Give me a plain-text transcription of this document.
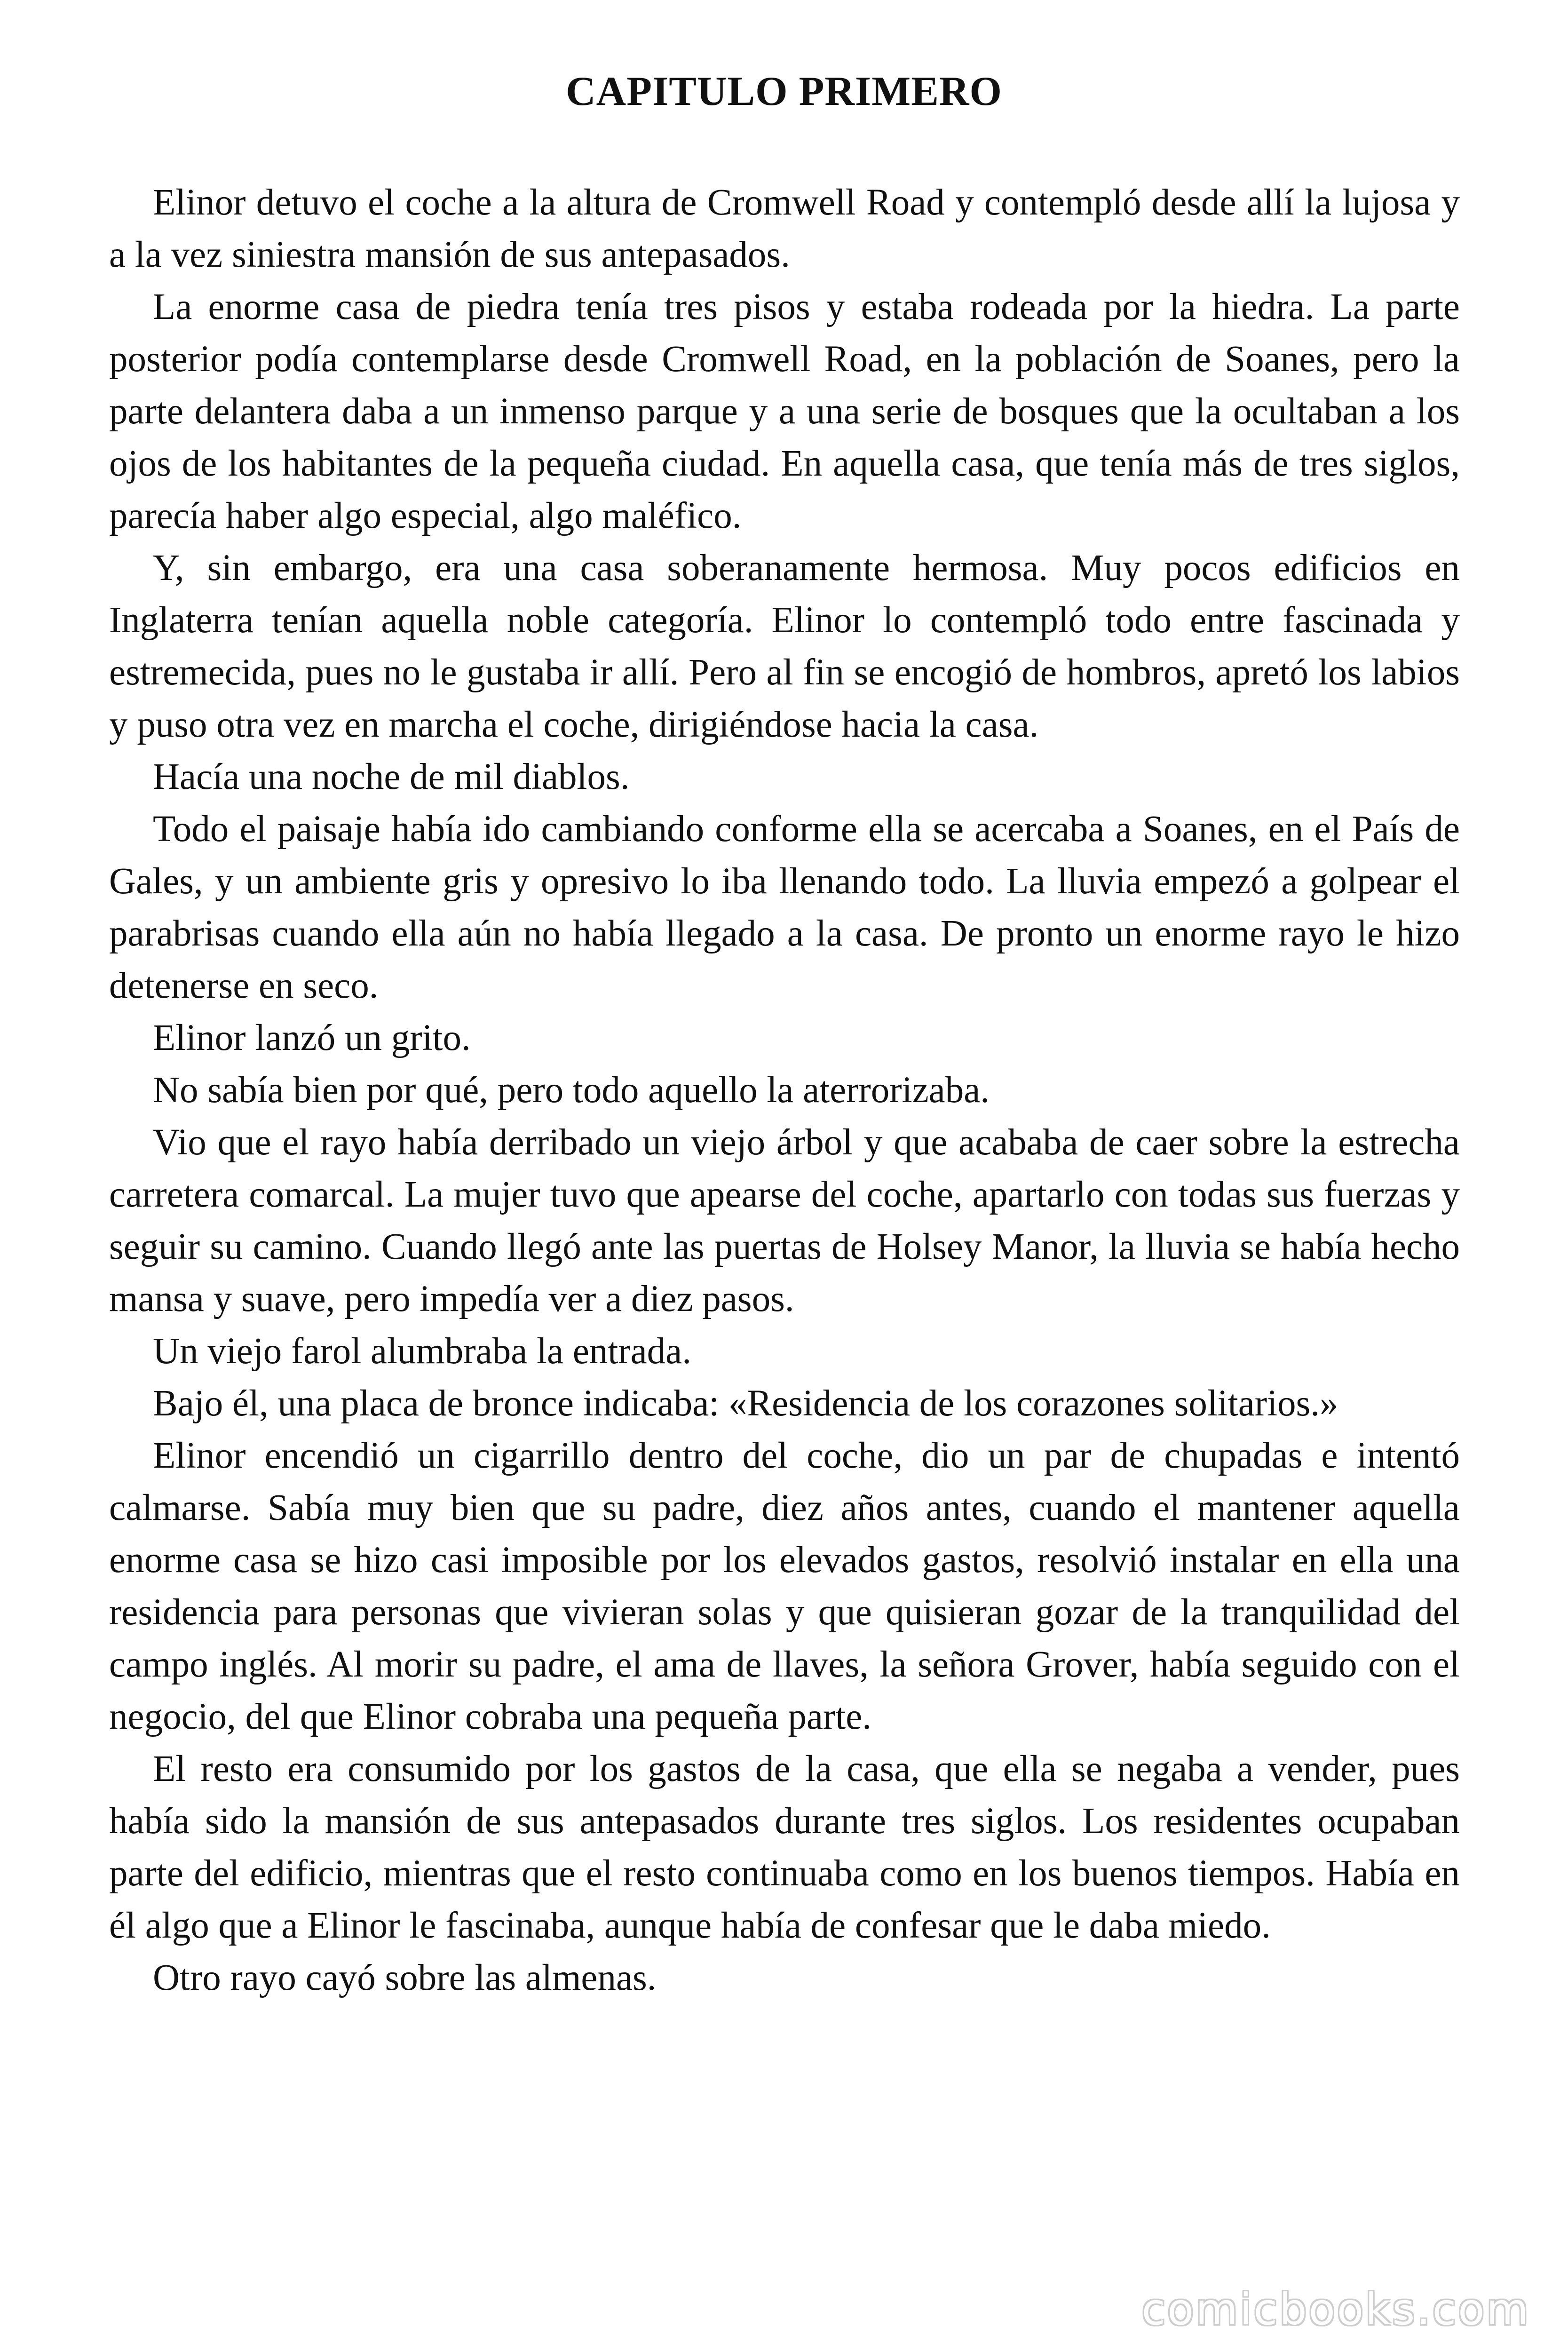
CAPITULO PRIMERO

Elinor detuvo el coche a la altura de Cromwell Road y contempló desde allí la lujosa y a la vez siniestra mansión de sus antepasados.

La enorme casa de piedra tenía tres pisos y estaba rodeada por la hiedra. La parte posterior podía contemplarse desde Cromwell Road, en la población de Soanes, pero la parte delantera daba a un inmenso parque y a una serie de bosques que la ocultaban a los ojos de los habitantes de la pequeña ciudad. En aquella casa, que tenía más de tres siglos, parecía haber algo especial, algo maléfico.

Y, sin embargo, era una casa soberanamente hermosa. Muy pocos edificios en Inglaterra tenían aquella noble categoría. Elinor lo contempló todo entre fascinada y estremecida, pues no le gustaba ir allí. Pero al fin se encogió de hombros, apretó los labios y puso otra vez en marcha el coche, dirigiéndose hacia la casa.

Hacía una noche de mil diablos.

Todo el paisaje había ido cambiando conforme ella se acercaba a Soanes, en el País de Gales, y un ambiente gris y opresivo lo iba llenando todo. La lluvia empezó a golpear el parabrisas cuando ella aún no había llegado a la casa. De pronto un enorme rayo le hizo detenerse en seco.

Elinor lanzó un grito.

No sabía bien por qué, pero todo aquello la aterrorizaba.

Vio que el rayo había derribado un viejo árbol y que acababa de caer sobre la estrecha carretera comarcal. La mujer tuvo que apearse del coche, apartarlo con todas sus fuerzas y seguir su camino. Cuando llegó ante las puertas de Holsey Manor, la lluvia se había hecho mansa y suave, pero impedía ver a diez pasos.

Un viejo farol alumbraba la entrada.

Bajo él, una placa de bronce indicaba: «Residencia de los corazones solitarios.»

Elinor encendió un cigarrillo dentro del coche, dio un par de chupadas e intentó calmarse. Sabía muy bien que su padre, diez años antes, cuando el mantener aquella enorme casa se hizo casi imposible por los elevados gastos, resolvió instalar en ella una residencia para personas que vivieran solas y que quisieran gozar de la tranquilidad del campo inglés. Al morir su padre, el ama de llaves, la señora Grover, había seguido con el negocio, del que Elinor cobraba una pequeña parte.

El resto era consumido por los gastos de la casa, que ella se negaba a vender, pues había sido la mansión de sus antepasados durante tres siglos. Los residentes ocupaban parte del edificio, mientras que el resto continuaba como en los buenos tiempos. Había en él algo que a Elinor le fascinaba, aunque había de confesar que le daba miedo.

Otro rayo cayó sobre las almenas.

comicbooks.com
